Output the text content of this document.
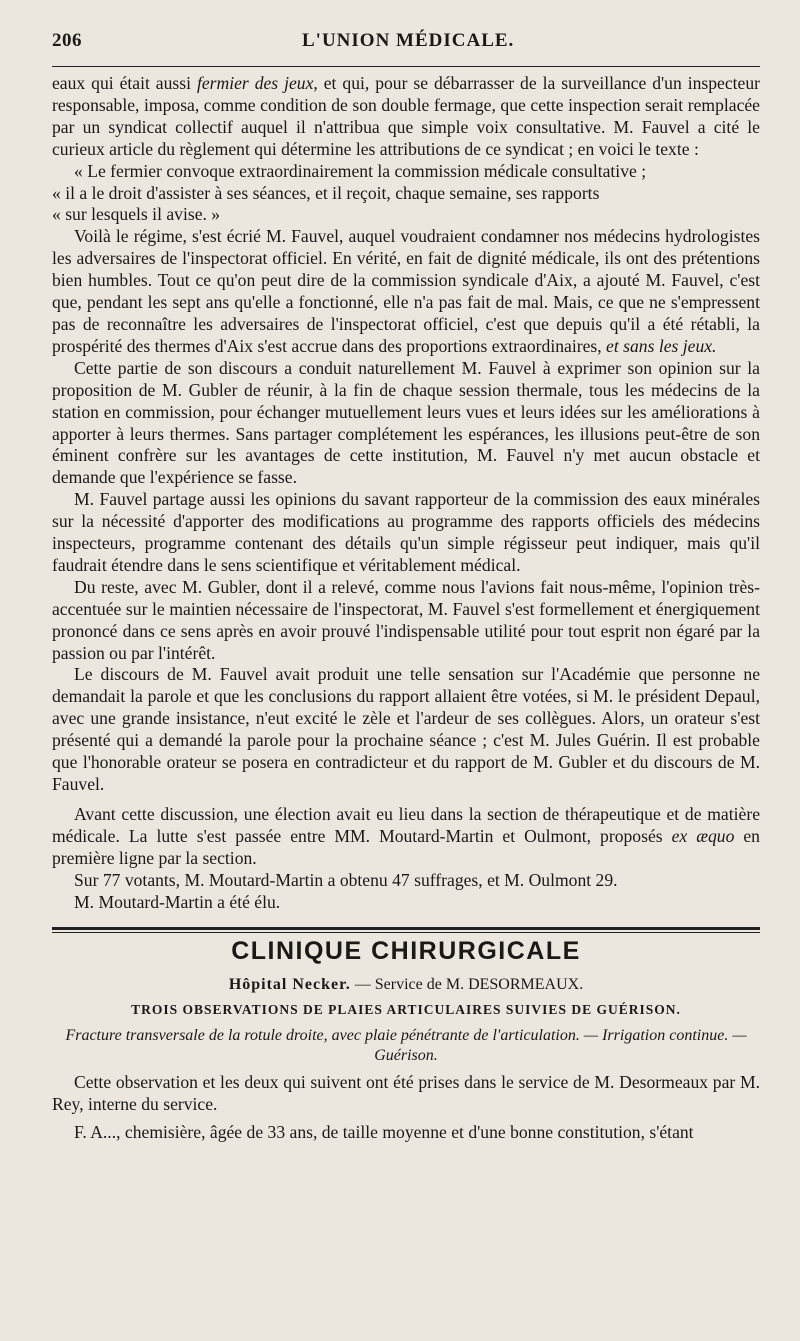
206	L'UNION MÉDICALE.

eaux qui était aussi fermier des jeux, et qui, pour se débarrasser de la surveillance d'un inspecteur responsable, imposa, comme condition de son double fermage, que cette inspection serait remplacée par un syndicat collectif auquel il n'attribua que simple voix consultative. M. Fauvel a cité le curieux article du règlement qui détermine les attributions de ce syndicat ; en voici le texte :

« Le fermier convoque extraordinairement la commission médicale consultative ;
« il a le droit d'assister à ses séances, et il reçoit, chaque semaine, ses rapports
« sur lesquels il avise. »

Voilà le régime, s'est écrié M. Fauvel, auquel voudraient condamner nos médecins hydrologistes les adversaires de l'inspectorat officiel. En vérité, en fait de dignité médicale, ils ont des prétentions bien humbles. Tout ce qu'on peut dire de la commission syndicale d'Aix, a ajouté M. Fauvel, c'est que, pendant les sept ans qu'elle a fonctionné, elle n'a pas fait de mal. Mais, ce que ne s'empressent pas de reconnaître les adversaires de l'inspectorat officiel, c'est que depuis qu'il a été rétabli, la prospérité des thermes d'Aix s'est accrue dans des proportions extraordinaires, et sans les jeux.

Cette partie de son discours a conduit naturellement M. Fauvel à exprimer son opinion sur la proposition de M. Gubler de réunir, à la fin de chaque session thermale, tous les médecins de la station en commission, pour échanger mutuellement leurs vues et leurs idées sur les améliorations à apporter à leurs thermes. Sans partager complétement les espérances, les illusions peut-être de son éminent confrère sur les avantages de cette institution, M. Fauvel n'y met aucun obstacle et demande que l'expérience se fasse.

M. Fauvel partage aussi les opinions du savant rapporteur de la commission des eaux minérales sur la nécessité d'apporter des modifications au programme des rapports officiels des médecins inspecteurs, programme contenant des détails qu'un simple régisseur peut indiquer, mais qu'il faudrait étendre dans le sens scientifique et véritablement médical.

Du reste, avec M. Gubler, dont il a relevé, comme nous l'avions fait nous-même, l'opinion très-accentuée sur le maintien nécessaire de l'inspectorat, M. Fauvel s'est formellement et énergiquement prononcé dans ce sens après en avoir prouvé l'indispensable utilité pour tout esprit non égaré par la passion ou par l'intérêt.

Le discours de M. Fauvel avait produit une telle sensation sur l'Académie que personne ne demandait la parole et que les conclusions du rapport allaient être votées, si M. le président Depaul, avec une grande insistance, n'eut excité le zèle et l'ardeur de ses collègues. Alors, un orateur s'est présenté qui a demandé la parole pour la prochaine séance ; c'est M. Jules Guérin. Il est probable que l'honorable orateur se posera en contradicteur et du rapport de M. Gubler et du discours de M. Fauvel.

Avant cette discussion, une élection avait eu lieu dans la section de thérapeutique et de matière médicale. La lutte s'est passée entre MM. Moutard-Martin et Oulmont, proposés ex æquo en première ligne par la section.

Sur 77 votants, M. Moutard-Martin a obtenu 47 suffrages, et M. Oulmont 29.

M. Moutard-Martin a été élu.

CLINIQUE CHIRURGICALE
Hôpital Necker. — Service de M. DESORMEAUX.
TROIS OBSERVATIONS DE PLAIES ARTICULAIRES SUIVIES DE GUÉRISON.
Fracture transversale de la rotule droite, avec plaie pénétrante de l'articulation. — Irrigation continue. — Guérison.

Cette observation et les deux qui suivent ont été prises dans le service de M. Desormeaux par M. Rey, interne du service.

F. A..., chemisière, âgée de 33 ans, de taille moyenne et d'une bonne constitution, s'étant
